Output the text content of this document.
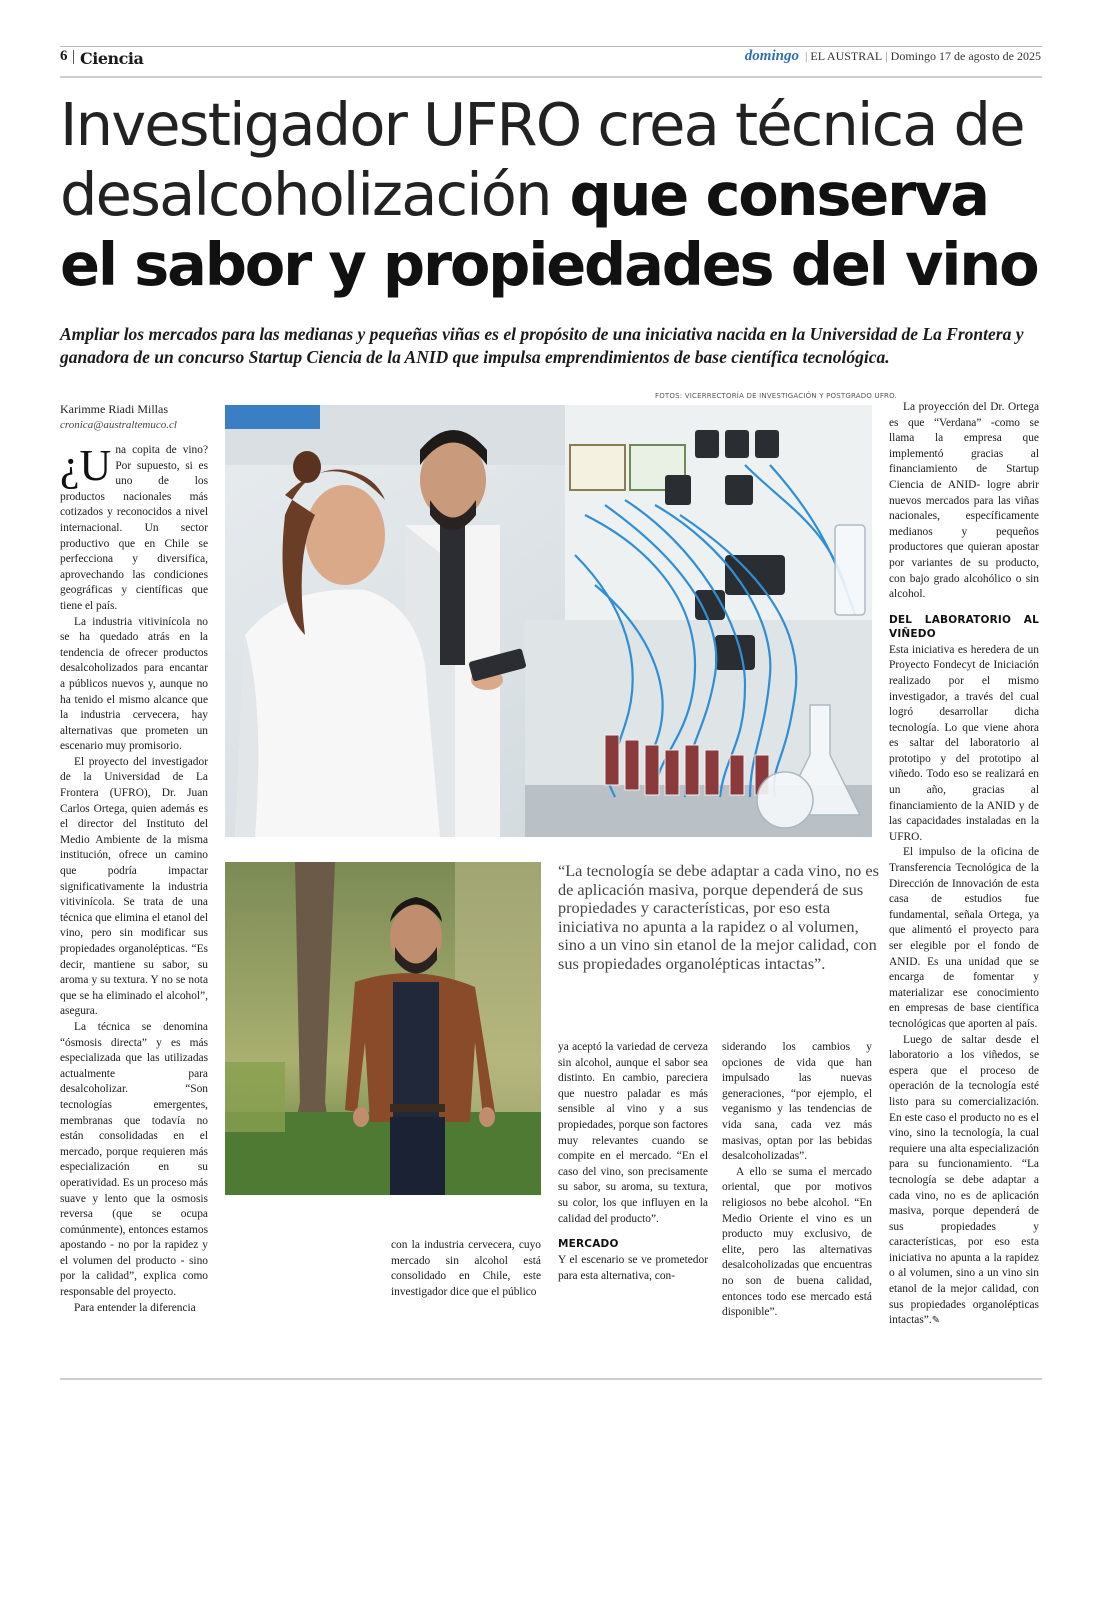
6 Ciencia	domingo | EL AUSTRAL | Domingo 17 de agosto de 2025
Investigador UFRO crea técnica de desalcoholización que conserva el sabor y propiedades del vino
Ampliar los mercados para las medianas y pequeñas viñas es el propósito de una iniciativa nacida en la Universidad de La Frontera y ganadora de un concurso Startup Ciencia de la ANID que impulsa emprendimientos de base científica tecnológica.
Karimme Riadi Millas
cronica@australtemuco.cl
FOTOS: VICERRECTORÍA DE INVESTIGACIÓN Y POSTGRADO UFRO.
“La tecnología se debe adaptar a cada vino, no es de aplicación masiva, porque dependerá de sus propiedades y características, por eso esta iniciativa no apunta a la rapidez o al volumen, sino a un vino sin etanol de la mejor calidad, con sus propiedades organolépticas intactas”.

¿U na copita de vino? Por supuesto, si es uno de los productos nacionales más cotizados y reconocidos a nivel internacional. Un sector productivo que en Chile se perfecciona y diversifica, aprovechando las condiciones geográficas y científicas que tiene el país.

La industria vitivinícola no se ha quedado atrás en la tendencia de ofrecer productos desalcoholizados para encantar a públicos nuevos y, aunque no ha tenido el mismo alcance que la industria cervecera, hay alternativas que prometen un escenario muy promisorio.

El proyecto del investigador de la Universidad de La Frontera (UFRO), Dr. Juan Carlos Ortega, quien además es el director del Instituto del Medio Ambiente de la misma institución, ofrece un camino que podría impactar significativamente la industria vitivinícola. Se trata de una técnica que elimina el etanol del vino, pero sin modificar sus propiedades organolépticas. “Es decir, mantiene su sabor, su aroma y su textura. Y no se nota que se ha eliminado el alcohol”, asegura.

La técnica se denomina “ósmosis directa” y es más especializada que las utilizadas actualmente para desalcoholizar. “Son tecnologías emergentes, membranas que todavía no están consolidadas en el mercado, porque requieren más especialización en su operatividad. Es un proceso más suave y lento que la osmosis reversa (que se ocupa comúnmente), entonces estamos apostando - no por la rapidez y el volumen del producto - sino por la calidad”, explica como responsable del proyecto.

Para entender la diferencia

con la industria cervecera, cuyo mercado sin alcohol está consolidado en Chile, este investigador dice que el público

ya aceptó la variedad de cerveza sin alcohol, aunque el sabor sea distinto. En cambio, pareciera que nuestro paladar es más sensible al vino y a sus propiedades, porque son factores muy relevantes cuando se compite en el mercado. “En el caso del vino, son precisamente su sabor, su aroma, su textura, su color, los que influyen en la calidad del producto”.

MERCADO

Y el escenario se ve prometedor para esta alternativa, con-

siderando los cambios y opciones de vida que han impulsado las nuevas generaciones, “por ejemplo, el veganismo y las tendencias de vida sana, cada vez más masivas, optan por las bebidas desalcoholizadas”.

A ello se suma el mercado oriental, que por motivos religiosos no bebe alcohol. “En Medio Oriente el vino es un producto muy exclusivo, de elite, pero las alternativas desalcoholizadas que encuentras no son de buena calidad, entonces todo ese mercado está disponible”.

La proyección del Dr. Ortega es que “Verdana” -como se llama la empresa que implementó gracias al financiamiento de Startup Ciencia de ANID- logre abrir nuevos mercados para las viñas nacionales, específicamente medianos y pequeños productores que quieran apostar por variantes de su producto, con bajo grado alcohólico o sin alcohol.

DEL LABORATORIO AL VIÑEDO

Esta iniciativa es heredera de un Proyecto Fondecyt de Iniciación realizado por el mismo investigador, a través del cual logró desarrollar dicha tecnología. Lo que viene ahora es saltar del laboratorio al prototipo y del prototipo al viñedo. Todo eso se realizará en un año, gracias al financiamiento de la ANID y de las capacidades instaladas en la UFRO.

El impulso de la oficina de Transferencia Tecnológica de la Dirección de Innovación de esta casa de estudios fue fundamental, señala Ortega, ya que alimentó el proyecto para ser elegible por el fondo de ANID. Es una unidad que se encarga de fomentar y materializar ese conocimiento en empresas de base científica tecnológicas que aporten al país.

Luego de saltar desde el laboratorio a los viñedos, se espera que el proceso de operación de la tecnología esté listo para su comercialización. En este caso el producto no es el vino, sino la tecnología, la cual requiere una alta especialización para su funcionamiento. “La tecnología se debe adaptar a cada vino, no es de aplicación masiva, porque dependerá de sus propiedades y características, por eso esta iniciativa no apunta a la rapidez o al volumen, sino a un vino sin etanol de la mejor calidad, con sus propiedades organolépticas intactas”.✎
